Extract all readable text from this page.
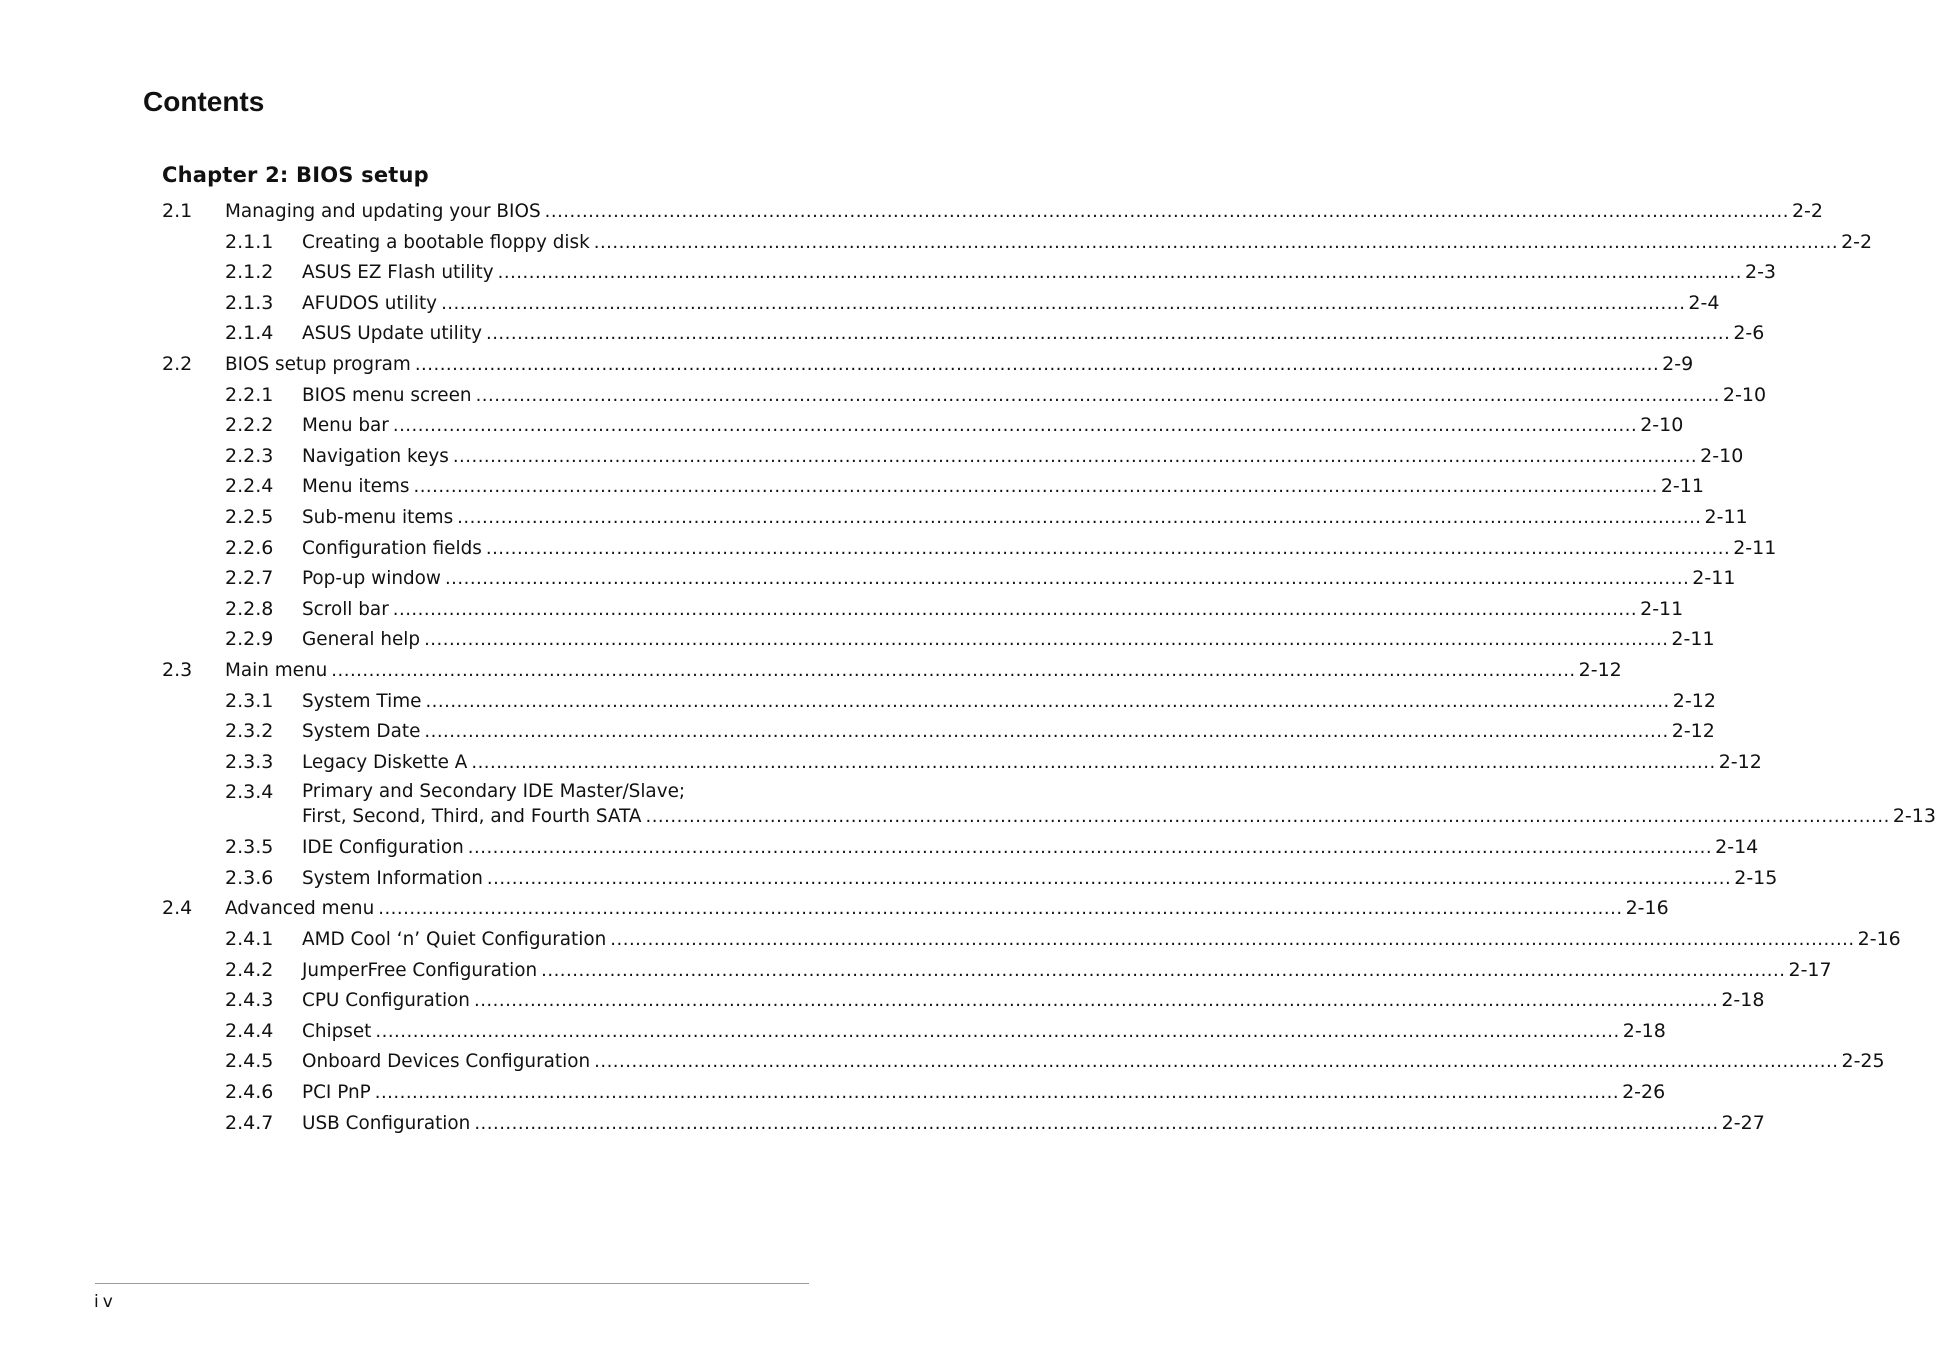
Contents
Chapter 2: BIOS setup
2.1 Managing and updating your BIOS ........................................................................................................................................................................................................ 2-2
2.1.1 Creating a bootable floppy disk ........................................................................................................................................................................................................ 2-2
2.1.2 ASUS EZ Flash utility ........................................................................................................................................................................................................ 2-3
2.1.3 AFUDOS utility ........................................................................................................................................................................................................ 2-4
2.1.4 ASUS Update utility ........................................................................................................................................................................................................ 2-6
2.2 BIOS setup program ........................................................................................................................................................................................................ 2-9
2.2.1 BIOS menu screen ........................................................................................................................................................................................................ 2-10
2.2.2 Menu bar ........................................................................................................................................................................................................ 2-10
2.2.3 Navigation keys ........................................................................................................................................................................................................ 2-10
2.2.4 Menu items ........................................................................................................................................................................................................ 2-11
2.2.5 Sub-menu items ........................................................................................................................................................................................................ 2-11
2.2.6 Configuration fields ........................................................................................................................................................................................................ 2-11
2.2.7 Pop-up window ........................................................................................................................................................................................................ 2-11
2.2.8 Scroll bar ........................................................................................................................................................................................................ 2-11
2.2.9 General help ........................................................................................................................................................................................................ 2-11
2.3 Main menu ........................................................................................................................................................................................................ 2-12
2.3.1 System Time ........................................................................................................................................................................................................ 2-12
2.3.2 System Date ........................................................................................................................................................................................................ 2-12
2.3.3 Legacy Diskette A ........................................................................................................................................................................................................ 2-12
2.3.4 Primary and Secondary IDE Master/Slave;
First, Second, Third, and Fourth SATA ........................................................................................................................................................................................................ 2-13
2.3.5 IDE Configuration ........................................................................................................................................................................................................ 2-14
2.3.6 System Information ........................................................................................................................................................................................................ 2-15
2.4 Advanced menu ........................................................................................................................................................................................................ 2-16
2.4.1 AMD Cool ‘n’ Quiet Configuration ........................................................................................................................................................................................................ 2-16
2.4.2 JumperFree Configuration ........................................................................................................................................................................................................ 2-17
2.4.3 CPU Configuration ........................................................................................................................................................................................................ 2-18
2.4.4 Chipset ........................................................................................................................................................................................................ 2-18
2.4.5 Onboard Devices Configuration ........................................................................................................................................................................................................ 2-25
2.4.6 PCI PnP ........................................................................................................................................................................................................ 2-26
2.4.7 USB Configuration ........................................................................................................................................................................................................ 2-27
iv
